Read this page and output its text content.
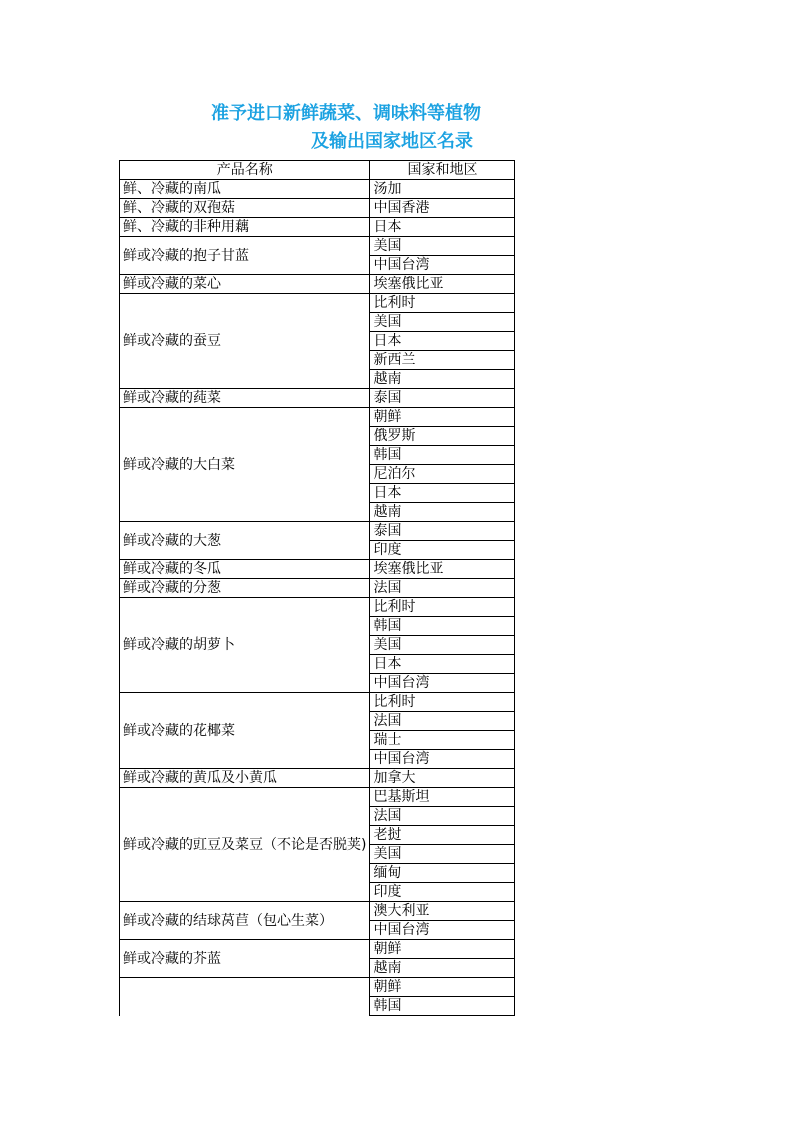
准予进口新鲜蔬菜、调味料等植物
及输出国家地区名录
产品名称	国家和地区
鲜、冷藏的南瓜	汤加
鲜、冷藏的双孢菇	中国香港
鲜、冷藏的非种用藕	日本
鲜或冷藏的抱子甘蓝	美国
	中国台湾
鲜或冷藏的菜心	埃塞俄比亚
鲜或冷藏的蚕豆	比利时
	美国
	日本
	新西兰
	越南
鲜或冷藏的莼菜	泰国
鲜或冷藏的大白菜	朝鲜
	俄罗斯
	韩国
	尼泊尔
	日本
	越南
鲜或冷藏的大葱	泰国
	印度
鲜或冷藏的冬瓜	埃塞俄比亚
鲜或冷藏的分葱	法国
鲜或冷藏的胡萝卜	比利时
	韩国
	美国
	日本
	中国台湾
鲜或冷藏的花椰菜	比利时
	法国
	瑞士
	中国台湾
鲜或冷藏的黄瓜及小黄瓜	加拿大
鲜或冷藏的豇豆及菜豆（不论是否脱荚)	巴基斯坦
	法国
	老挝
	美国
	缅甸
	印度
鲜或冷藏的结球莴苣（包心生菜）	澳大利亚
	中国台湾
鲜或冷藏的芥蓝	朝鲜
	越南
	朝鲜
	韩国
